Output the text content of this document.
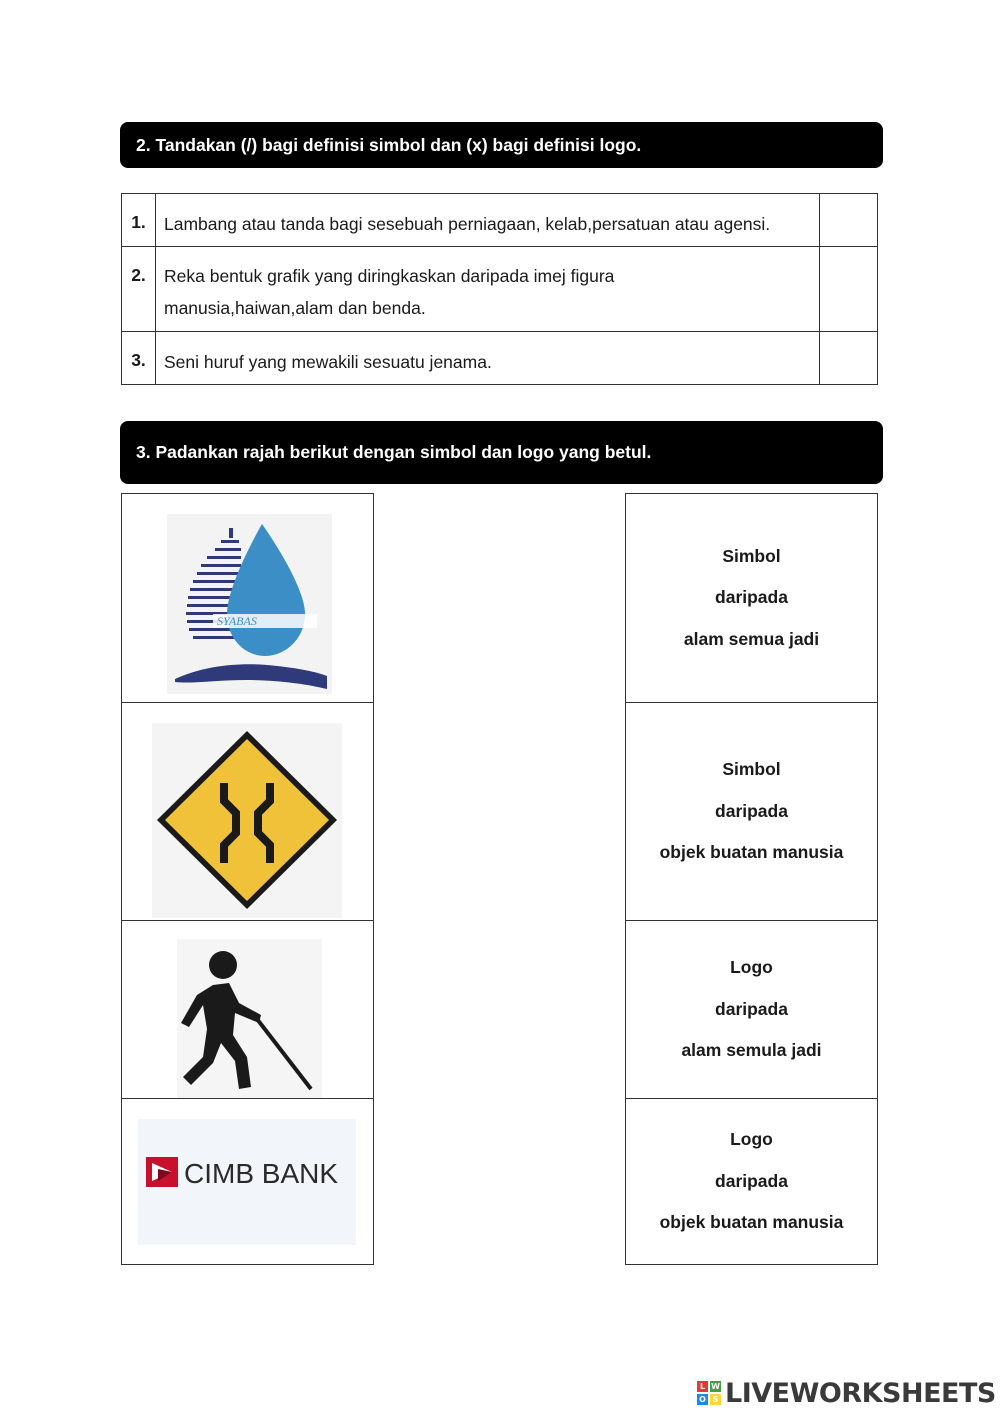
2. Tandakan (/) bagi definisi simbol dan (x) bagi definisi logo.
1.	Lambang atau tanda bagi sesebuah perniagaan, kelab,persatuan atau agensi.	
2.	Reka bentuk grafik yang diringkaskan daripada imej figura
manusia,haiwan,alam dan benda.	

3.	Seni huruf yang mewakili sesuatu jenama.	
3. Padankan rajah berikut dengan simbol dan logo yang betul.
SYABAS
CIMB BANK
Simbol
daripada
alam semua jadi
Simbol
daripada
objek buatan manusia
Logo
daripada
alam semula jadi
Logo
daripada
objek buatan manusia
L W
O S LIVEWORKSHEETS
